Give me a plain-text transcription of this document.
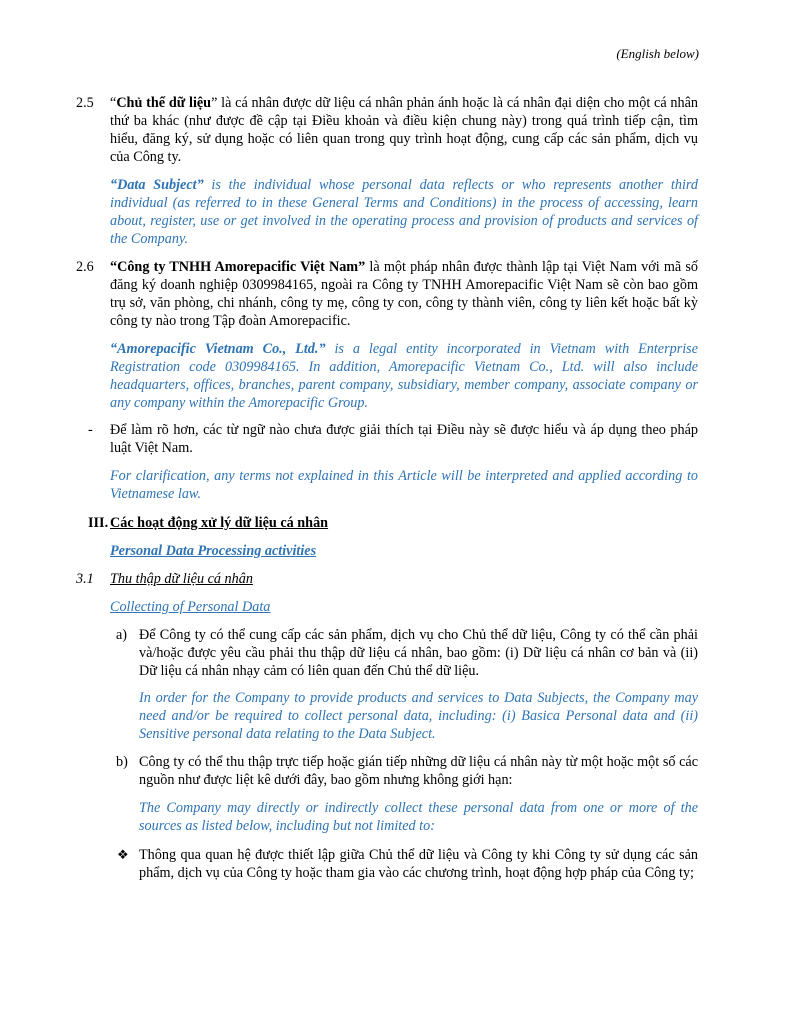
(English below)
2.5 “Chủ thể dữ liệu” là cá nhân được dữ liệu cá nhân phản ánh hoặc là cá nhân đại diện cho một cá nhân thứ ba khác (như được đề cập tại Điều khoản và điều kiện chung này) trong quá trình tiếp cận, tìm hiểu, đăng ký, sử dụng hoặc có liên quan trong quy trình hoạt động, cung cấp các sản phẩm, dịch vụ của Công ty.
“Data Subject” is the individual whose personal data reflects or who represents another third individual (as referred to in these General Terms and Conditions) in the process of accessing, learn about, register, use or get involved in the operating process and provision of products and services of the Company.
2.6 “Công ty TNHH Amorepacific Việt Nam” là một pháp nhân được thành lập tại Việt Nam với mã số đăng ký doanh nghiệp 0309984165, ngoài ra Công ty TNHH Amorepacific Việt Nam sẽ còn bao gồm trụ sở, văn phòng, chi nhánh, công ty mẹ, công ty con, công ty thành viên, công ty liên kết hoặc bất kỳ công ty nào trong Tập đoàn Amorepacific.
“Amorepacific Vietnam Co., Ltd.” is a legal entity incorporated in Vietnam with Enterprise Registration code 0309984165. In addition, Amorepacific Vietnam Co., Ltd. will also include headquarters, offices, branches, parent company, subsidiary, member company, associate company or any company within the Amorepacific Group.
- Để làm rõ hơn, các từ ngữ nào chưa được giải thích tại Điều này sẽ được hiểu và áp dụng theo pháp luật Việt Nam.
For clarification, any terms not explained in this Article will be interpreted and applied according to Vietnamese law.
III. Các hoạt động xử lý dữ liệu cá nhân
Personal Data Processing activities
3.1 Thu thập dữ liệu cá nhân
Collecting of Personal Data
a) Để Công ty có thể cung cấp các sản phẩm, dịch vụ cho Chủ thể dữ liệu, Công ty có thể cần phải và/hoặc được yêu cầu phải thu thập dữ liệu cá nhân, bao gồm: (i) Dữ liệu cá nhân cơ bản và (ii) Dữ liệu cá nhân nhạy cảm có liên quan đến Chủ thể dữ liệu.
In order for the Company to provide products and services to Data Subjects, the Company may need and/or be required to collect personal data, including: (i) Basica Personal data and (ii) Sensitive personal data relating to the Data Subject.
b) Công ty có thể thu thập trực tiếp hoặc gián tiếp những dữ liệu cá nhân này từ một hoặc một số các nguồn như được liệt kê dưới đây, bao gồm nhưng không giới hạn:
The Company may directly or indirectly collect these personal data from one or more of the sources as listed below, including but not limited to:
❖ Thông qua quan hệ được thiết lập giữa Chủ thể dữ liệu và Công ty khi Công ty sử dụng các sản phẩm, dịch vụ của Công ty hoặc tham gia vào các chương trình, hoạt động hợp pháp của Công ty;
